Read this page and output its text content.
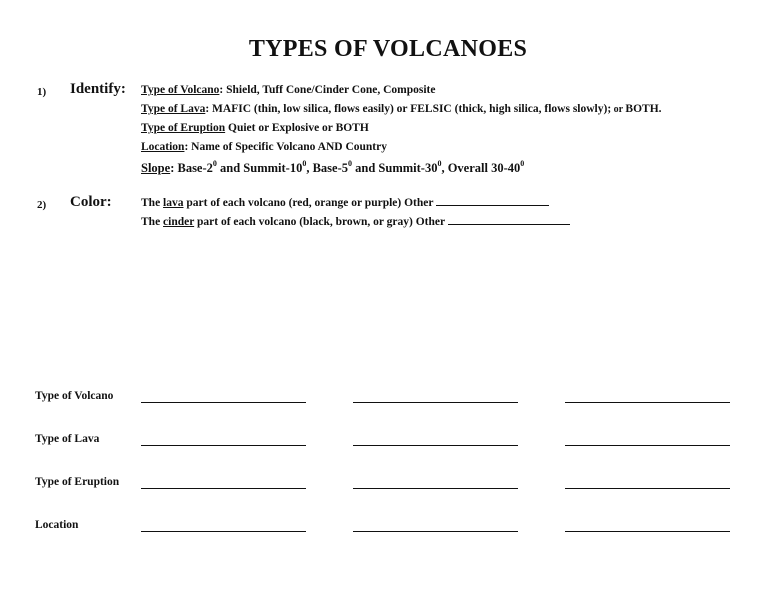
TYPES OF VOLCANOES
1) Identify: Type of Volcano: Shield, Tuff Cone/Cinder Cone, Composite
Type of Lava: MAFIC (thin, low silica, flows easily) or FELSIC (thick, high silica, flows slowly); or BOTH.
Type of Eruption Quiet or Explosive or BOTH
Location: Name of Specific Volcano AND Country
Slope: Base-$2^0$ and Summit-$10^0$, Base-$5^0$ and Summit-$30^0$, Overall $30-40^0$
2) Color:	The lava part of each volcano (red, orange or purple) Other
The cinder part of each volcano (black, brown, or gray) Other
Type of Volcano
Type of Lava
Type of Eruption
Location
